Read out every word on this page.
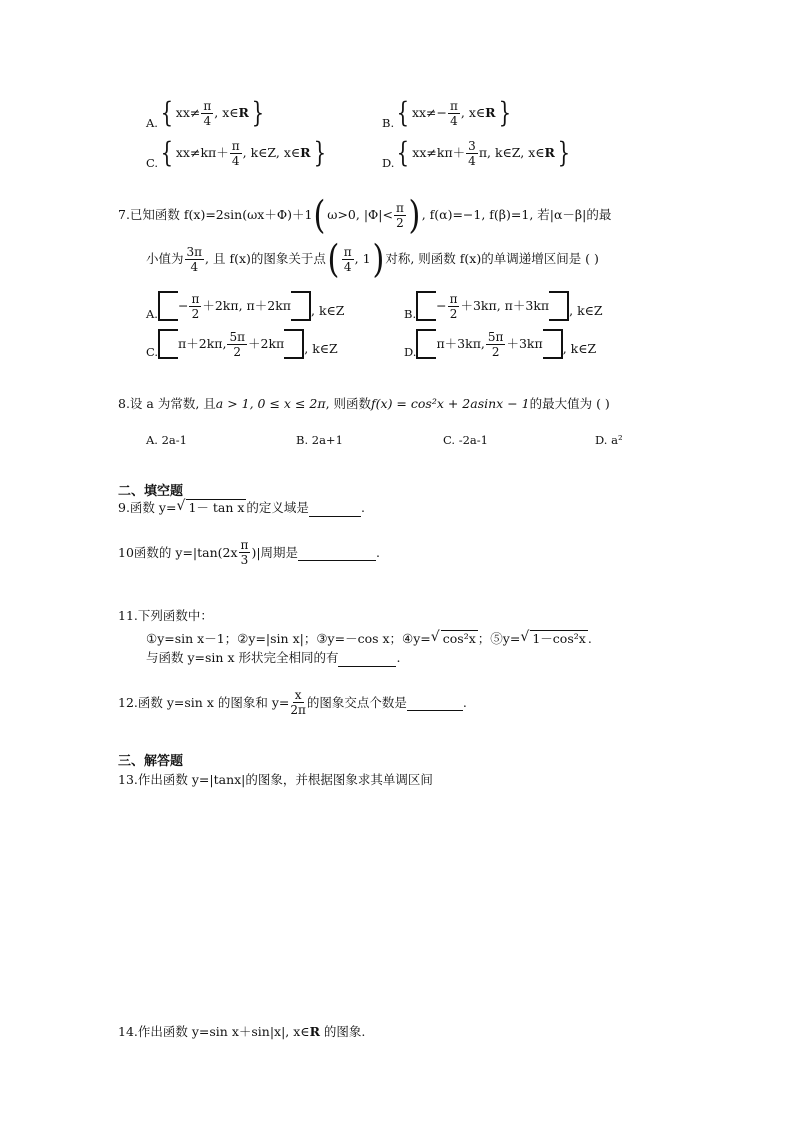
A. { $xx\ne \frac{\pi}{4}$ , x∈ R }	B. { $xx\ne- \frac{\pi}{4}$ , x∈ R }
C. { $xx\ne k\pi+ \frac{\pi}{4}$ , k∈Z, x∈ R }	D. { $xx\ne k\pi+ \frac{3}{4} \pi$, k∈Z, x∈ R }
7.已知函数 f(x)=2sin(ωx＋Φ)＋1 ( ω>0, $|\Phi|< \frac{\pi}{2}$ ) , f(α)=−1, f(β)=1, 若|α－β|的最
小值为 $\frac{3\pi}{4}$ , 且 f(x)的图象关于点 ( $\frac{\pi}{4}$ , 1 ) 对称, 则函数 f(x)的单调递增区间是 ( )
A.
− $\frac{\pi}{2} +2k\pi$, π＋2kπ , k∈Z	B.
− $\frac{\pi}{2} +3k\pi$, π＋3kπ , k∈Z
C.
π＋2kπ, $\frac{5\pi}{2} +2k\pi$ , k∈Z	D.
π＋3kπ, $\frac{5\pi}{2} +3k\pi$ , k∈Z
8.设 a 为常数, 且a > 1, 0 ≤ x ≤ 2π, 则函数f(x) = cos²x + 2asinx − 1的最大值为 ( )
A. 2a-1	B. 2a+1	C. -2a-1	D. a²
二、填空题
9.函数 y= √ 1－ tan x 的定义域是	.
10函数的 $y=|\tan(2x \frac{\pi}{3}$ )|周期是
	.
11.下列函数中：
①y=sin x－1；②y=|sin x|；③y=－cos x；④y= √ cos²x ；⑤y= √ 1－cos²x .
与函数 y=sin x 形状完全相同的有	.
12.函数 y=sin x 的图象和 $y= \frac{x}{2\pi}$ 的图象交点个数是
	.
三、解答题
13.作出函数 y=|tanx|的图象，并根据图象求其单调区间
14.作出函数 y=sin x＋sin|x|, x∈R 的图象.
